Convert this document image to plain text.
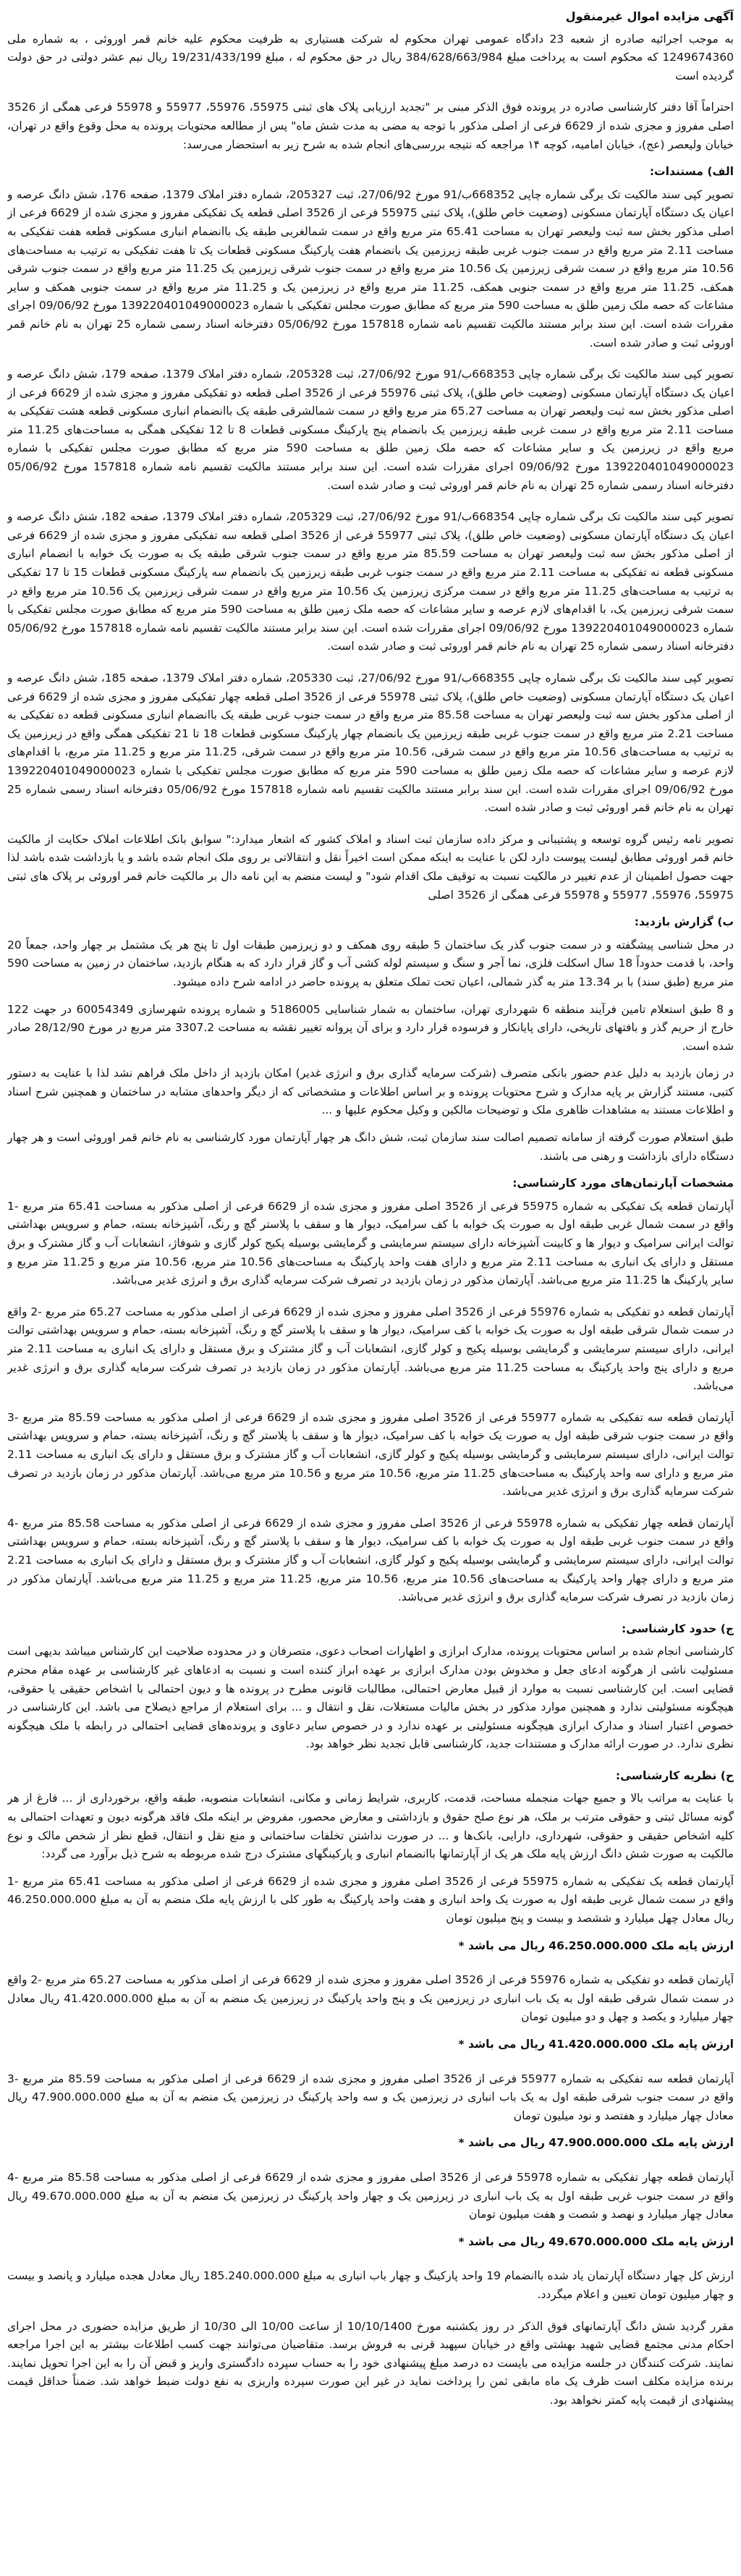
آگهی مزایده اموال غیرمنقول

به موجب اجرائیه صادره از شعبه 23 دادگاه عمومی تهران محکوم له شرکت هستیاری به ظرفیت محکوم علیه خانم قمر اوروئی ، به شماره ملی 1249674360 که محکوم است به پرداخت مبلغ 384/628/663/984 ریال در حق محکوم له ، مبلغ 19/231/433/199 ریال نیم عشر دولتی در حق دولت گردیده است

احتراماً آقا دفتر کارشناسی صادره در پرونده فوق الذکر مبنی بر "تجدید ارزیابی پلاک های ثبتی 55975، 55976، 55977 و 55978 فرعی همگی از 3526 اصلی مفروز و مجزی شده از 6629 فرعی از اصلی مذکور با توجه به مضی به مدت شش ماه" پس از مطالعه محتویات پرونده به محل وقوع واقع در تهران، خیابان ولیعصر (عج)، خیابان امامیه، کوچه ۱۴ مراجعه که نتیجه بررسی‌های انجام شده به شرح زیر به استحضار می‌رسد:

الف) مستندات:

تصویر کپی سند مالکیت تک برگی شماره چاپی 668352ب/91 مورخ 27/06/92، ثبت 205327، شماره دفتر املاک 1379، صفحه 176، شش دانگ عرصه و اعیان یک دستگاه آپارتمان مسکونی (وضعیت خاص طلق)، پلاک ثبتی 55975 فرعی از 3526 اصلی قطعه یک تفکیکی مفروز و مجزی شده از 6629 فرعی از اصلی مذکور بخش سه ثبت ولیعصر تهران به مساحت 65.41 متر مربع واقع در سمت شمالغربی طبقه یک باانضمام انباری مسکونی قطعه هفت تفکیکی به مساحت 2.11 متر مربع واقع در سمت جنوب غربی طبقه زیرزمین یک بانضمام هفت پارکینگ مسکونی قطعات یک تا هفت تفکیکی به ترتیب به مساحت‌های 10.56 متر مربع واقع در سمت شرقی زیرزمین یک 10.56 متر مربع واقع در سمت جنوب شرقی زیرزمین یک 11.25 متر مربع واقع در سمت جنوب شرقی همکف، 11.25 متر مربع واقع در سمت جنوبی همکف، 11.25 متر مربع واقع در زیرزمین یک و 11.25 متر مربع واقع در سمت جنوبی همکف و سایر مشاعات که حصه ملک زمین طلق به مساحت 590 متر مربع که مطابق صورت مجلس تفکیکی با شماره 139220401049000023 مورخ 09/06/92 اجرای مقررات شده است. این سند برابر مستند مالکیت تقسیم نامه شماره 157818 مورخ 05/06/92 دفترخانه اسناد رسمی شماره 25 تهران به نام خانم قمر اوروئی ثبت و صادر شده است.

تصویر کپی سند مالکیت تک برگی شماره چاپی 668353ب/91 مورخ 27/06/92، ثبت 205328، شماره دفتر املاک 1379، صفحه 179، شش دانگ عرصه و اعیان یک دستگاه آپارتمان مسکونی (وضعیت خاص طلق)، پلاک ثبتی 55976 فرعی از 3526 اصلی قطعه دو تفکیکی مفروز و مجزی شده از 6629 فرعی از اصلی مذکور بخش سه ثبت ولیعصر تهران به مساحت 65.27 متر مربع واقع در سمت شمالشرقی طبقه یک باانضمام انباری مسکونی قطعه هشت تفکیکی به مساحت 2.11 متر مربع واقع در سمت غربی طبقه زیرزمین یک بانضمام پنج پارکینگ مسکونی قطعات 8 تا 12 تفکیکی همگی به مساحت‌های 11.25 متر مربع واقع در زیرزمین یک و سایر مشاعات که حصه ملک زمین طلق به مساحت 590 متر مربع که مطابق صورت مجلس تفکیکی با شماره 139220401049000023 مورخ 09/06/92 اجرای مقررات شده است. این سند برابر مستند مالکیت تقسیم نامه شماره 157818 مورخ 05/06/92 دفترخانه اسناد رسمی شماره 25 تهران به نام خانم قمر اوروئی ثبت و صادر شده است.

تصویر کپی سند مالکیت تک برگی شماره چاپی 668354ب/91 مورخ 27/06/92، ثبت 205329، شماره دفتر املاک 1379، صفحه 182، شش دانگ عرصه و اعیان یک دستگاه آپارتمان مسکونی (وضعیت خاص طلق)، پلاک ثبتی 55977 فرعی از 3526 اصلی قطعه سه تفکیکی مفروز و مجزی شده از 6629 فرعی از اصلی مذکور بخش سه ثبت ولیعصر تهران به مساحت 85.59 متر مربع واقع در سمت جنوب شرقی طبقه یک به صورت یک خوابه با انضمام انباری مسکونی قطعه نه تفکیکی به مساحت 2.11 متر مربع واقع در سمت جنوب غربی طبقه زیرزمین یک بانضمام سه پارکینگ مسکونی قطعات 15 تا 17 تفکیکی به ترتیب به مساحت‌های 11.25 متر مربع واقع در سمت مرکزی زیرزمین یک 10.56 متر مربع واقع در سمت شرقی زیرزمین یک 10.56 متر مربع واقع در سمت شرقی زیرزمین یک، با اقدام‌های لازم عرصه و سایر مشاعات که حصه ملک زمین طلق به مساحت 590 متر مربع که مطابق صورت مجلس تفکیکی با شماره 139220401049000023 مورخ 09/06/92 اجرای مقررات شده است. این سند برابر مستند مالکیت تقسیم نامه شماره 157818 مورخ 05/06/92 دفترخانه اسناد رسمی شماره 25 تهران به نام خانم قمر اوروئی ثبت و صادر شده است.

تصویر کپی سند مالکیت تک برگی شماره چاپی 668355ب/91 مورخ 27/06/92، ثبت 205330، شماره دفتر املاک 1379، صفحه 185، شش دانگ عرصه و اعیان یک دستگاه آپارتمان مسکونی (وضعیت خاص طلق)، پلاک ثبتی 55978 فرعی از 3526 اصلی قطعه چهار تفکیکی مفروز و مجزی شده از 6629 فرعی از اصلی مذکور بخش سه ثبت ولیعصر تهران به مساحت 85.58 متر مربع واقع در سمت جنوب غربی طبقه یک باانضمام انباری مسکونی قطعه ده تفکیکی به مساحت 2.21 متر مربع واقع در سمت جنوب غربی طبقه زیرزمین یک بانضمام چهار پارکینگ مسکونی قطعات 18 تا 21 تفکیکی همگی واقع در زیرزمین یک به ترتیب به مساحت‌های 10.56 متر مربع واقع در سمت شرقی، 10.56 متر مربع واقع در سمت شرقی، 11.25 متر مربع و 11.25 متر مربع، با اقدام‌های لازم عرصه و سایر مشاعات که حصه ملک زمین طلق به مساحت 590 متر مربع که مطابق صورت مجلس تفکیکی با شماره 139220401049000023 مورخ 09/06/92 اجرای مقررات شده است. این سند برابر مستند مالکیت تقسیم نامه شماره 157818 مورخ 05/06/92 دفترخانه اسناد رسمی شماره 25 تهران به نام خانم قمر اوروئی ثبت و صادر شده است.

تصویر نامه رئیس گروه توسعه و پشتیبانی و مرکز داده سازمان ثبت اسناد و املاک کشور که اشعار میدارد:" سوابق بانک اطلاعات املاک حکایت از مالکیت خانم قمر اوروئی مطابق لیست پیوست دارد لکن با عنایت به اینکه ممکن است اخیراً نقل و انتقالاتی بر روی ملک انجام شده باشد و یا بازداشت شده باشد لذا جهت حصول اطمینان از عدم تغییر در مالکیت نسبت به توقیف ملک اقدام شود" و لیست منضم به این نامه دال بر مالکیت خانم قمر اوروئی بر پلاک های ثبتی 55975، 55976، 55977 و 55978 فرعی همگی از 3526 اصلی

ب) گزارش بازدید:

در محل شناسی پیشگفته و در سمت جنوب گذر یک ساختمان 5 طبقه روی همکف و دو زیرزمین طبقات اول تا پنج هر یک مشتمل بر چهار واحد، جمعاً 20 واحد، با قدمت حدوداً 18 سال اسکلت فلزی، نما آجر و سنگ و سیستم لوله کشی آب و گاز قرار دارد که به هنگام بازدید، ساختمان در زمین به مساحت 590 متر مربع (طبق سند) با بر 13.34 متر به گذر شمالی، اعیان تحت تملک متعلق به پرونده حاضر در ادامه شرح داده میشود.

و 8 طبق استعلام تامین فرآیند منطقه 6 شهرداری تهران، ساختمان به شمار شناسایی 5186005 و شماره پرونده شهرسازی 60054349 در جهت 122 خارج از حریم گذر و بافتهای تاریخی، دارای پایانکار و فرسوده قرار دارد و برای آن پروانه تغییر نقشه به مساحت 3307.2 متر مربع در مورخ 28/12/90 صادر شده است.

در زمان بازدید به دلیل عدم حضور بانکی متصرف (شرکت سرمایه گذاری برق و انرژی غدیر) امکان بازدید از داخل ملک فراهم نشد لذا با عنایت به دستور کتبی، مستند گزارش بر پایه مدارک و شرح محتویات پرونده و بر اساس اطلاعات و مشخصاتی که از دیگر واحدهای مشابه در ساختمان و همچنین شرح اسناد و اطلاعات مستند به مشاهدات ظاهری ملک و توضیحات مالکین و وکیل محکوم علیها و ...

طبق استعلام صورت گرفته از سامانه تصمیم اصالت سند سازمان ثبت، شش دانگ هر چهار آپارتمان مورد کارشناسی به نام خانم قمر اوروئی است و هر چهار دستگاه دارای بازداشت و رهنی می باشند.

مشخصات آپارتمان‌های مورد کارشناسی:

آپارتمان قطعه یک تفکیکی به شماره 55975 فرعی از 3526 اصلی مفروز و مجزی شده از 6629 فرعی از اصلی مذکور به مساحت 65.41 متر مربع -1 واقع در سمت شمال غربی طبقه اول به صورت یک خوابه با کف سرامیک، دیوار ها و سقف با پلاستر گچ و رنگ، آشپزخانه بسته، حمام و سرویس بهداشتی توالت ایرانی سرامیک و دیوار ها و کابینت آشپزخانه دارای سیستم سرمایشی و گرمایشی بوسیله پکیج کولر گازی و شوفاژ، انشعابات آب و گاز مشترک و برق مستقل و دارای یک انباری به مساحت 2.11 متر مربع و دارای هفت واحد پارکینگ به مساحت‌های 10.56 متر مربع، 10.56 متر مربع و 11.25 متر مربع و سایر پارکینگ ها 11.25 متر مربع می‌باشد. آپارتمان مذکور در زمان بازدید در تصرف شرکت سرمایه گذاری برق و انرژی غدیر می‌باشد.

آپارتمان قطعه دو تفکیکی به شماره 55976 فرعی از 3526 اصلی مفروز و مجزی شده از 6629 فرعی از اصلی مذکور به مساحت 65.27 متر مربع -2 واقع در سمت شمال شرقی طبقه اول به صورت یک خوابه با کف سرامیک، دیوار ها و سقف با پلاستر گچ و رنگ، آشپزخانه بسته، حمام و سرویس بهداشتی توالت ایرانی، دارای سیستم سرمایشی و گرمایشی بوسیله پکیج و کولر گازی، انشعابات آب و گاز مشترک و برق مستقل و دارای یک انباری به مساحت 2.11 متر مربع و دارای پنج واحد پارکینگ به مساحت 11.25 متر مربع می‌باشد. آپارتمان مذکور در زمان بازدید در تصرف شرکت سرمایه گذاری برق و انرژی غدیر می‌باشد.

آپارتمان قطعه سه تفکیکی به شماره 55977 فرعی از 3526 اصلی مفروز و مجزی شده از 6629 فرعی از اصلی مذکور به مساحت 85.59 متر مربع -3 واقع در سمت جنوب شرقی طبقه اول به صورت یک خوابه با کف سرامیک، دیوار ها و سقف با پلاستر گچ و رنگ، آشپزخانه بسته، حمام و سرویس بهداشتی توالت ایرانی، دارای سیستم سرمایشی و گرمایشی بوسیله پکیج و کولر گازی، انشعابات آب و گاز مشترک و برق مستقل و دارای یک انباری به مساحت 2.11 متر مربع و دارای سه واحد پارکینگ به مساحت‌های 11.25 متر مربع، 10.56 متر مربع و 10.56 متر مربع می‌باشد. آپارتمان مذکور در زمان بازدید در تصرف شرکت سرمایه گذاری برق و انرژی غدیر می‌باشد.

آپارتمان قطعه چهار تفکیکی به شماره 55978 فرعی از 3526 اصلی مفروز و مجزی شده از 6629 فرعی از اصلی مذکور به مساحت 85.58 متر مربع -4 واقع در سمت جنوب غربی طبقه اول به صورت یک خوابه با کف سرامیک، دیوار ها و سقف با پلاستر گچ و رنگ، آشپزخانه بسته، حمام و سرویس بهداشتی توالت ایرانی، دارای سیستم سرمایشی و گرمایشی بوسیله پکیج و کولر گازی، انشعابات آب و گاز مشترک و برق مستقل و دارای یک انباری به مساحت 2.21 متر مربع و دارای چهار واحد پارکینگ به مساحت‌های 10.56 متر مربع، 10.56 متر مربع، 11.25 متر مربع و 11.25 متر مربع می‌باشد. آپارتمان مذکور در زمان بازدید در تصرف شرکت سرمایه گذاری برق و انرژی غدیر می‌باشد.

ج) حدود کارشناسی:

کارشناسی انجام شده بر اساس محتویات پرونده، مدارک ابرازی و اظهارات اصحاب دعوی، متصرفان و در محدوده صلاحیت این کارشناس میباشد بدیهی است مسئولیت ناشی از هرگونه ادعای جعل و مخدوش بودن مدارک ابرازی بر عهده ابراز کننده است و نسبت به ادعاهای غیر کارشناسی بر عهده مقام محترم قضایی است. این کارشناسی نسبت به موارد از قبیل معارض احتمالی، مطالبات قانونی مطرح در پرونده ها و دیون احتمالی با اشخاص حقیقی یا حقوقی، هیچگونه مسئولیتی ندارد و همچنین موارد مذکور در بخش مالیات مستغلات، نقل و انتقال و ... برای استعلام از مراجع ذیصلاح می باشد. این کارشناسی در خصوص اعتبار اسناد و مدارک ابرازی هیچگونه مسئولیتی بر عهده ندارد و در خصوص سایر دعاوی و پرونده‌های قضایی احتمالی در رابطه با ملک هیچگونه نظری ندارد. در صورت ارائه مدارک و مستندات جدید، کارشناسی قابل تجدید نظر خواهد بود.

ح) نظریه کارشناسی:

با عنایت به مراتب بالا و جمیع جهات منجمله مساحت، قدمت، کاربری، شرایط زمانی و مکانی، انشعابات منصوبه، طبقه واقع، برخورداری از ... فارغ از هر گونه مسائل ثبتی و حقوقی مترتب بر ملک، هر نوع صلح حقوق و بازداشتی و معارض محصور، مفروض بر اینکه ملک فاقد هرگونه دیون و تعهدات احتمالی به کلیه اشخاص حقیقی و حقوقی، شهرداری، دارایی، بانک‌ها و ... در صورت نداشتن تخلفات ساختمانی و منع نقل و انتقال، قطع نظر از شخص مالک و نوع مالکیت به صورت شش دانگ ارزش پایه ملک هر یک از آپارتمانها باانضمام انباری و پارکینگهای مشترک درج شده مربوطه به شرح ذیل برآورد می گردد:

آپارتمان قطعه یک تفکیکی به شماره 55975 فرعی از 3526 اصلی مفروز و مجزی شده از 6629 فرعی از اصلی مذکور به مساحت 65.41 متر مربع -1 واقع در سمت شمال غربی طبقه اول به صورت یک واحد انباری و هفت واحد پارکینگ به طور کلی با ارزش پایه ملک منضم به آن به مبلغ 46.250.000.000 ریال معادل چهل میلیارد و ششصد و بیست و پنج میلیون تومان

ارزش پایه ملک 46.250.000.000 ریال می باشد *

آپارتمان قطعه دو تفکیکی به شماره 55976 فرعی از 3526 اصلی مفروز و مجزی شده از 6629 فرعی از اصلی مذکور به مساحت 65.27 متر مربع -2 واقع در سمت شمال شرقی طبقه اول به یک باب انباری در زیرزمین یک و پنج واحد پارکینگ در زیرزمین یک منضم به آن به مبلغ 41.420.000.000 ریال معادل چهار میلیارد و یکصد و چهل و دو میلیون تومان

ارزش پایه ملک 41.420.000.000 ریال می باشد *

آپارتمان قطعه سه تفکیکی به شماره 55977 فرعی از 3526 اصلی مفروز و مجزی شده از 6629 فرعی از اصلی مذکور به مساحت 85.59 متر مربع -3 واقع در سمت جنوب شرقی طبقه اول به یک باب انباری در زیرزمین یک و سه واحد پارکینگ در زیرزمین یک منضم به آن به مبلغ 47.900.000.000 ریال معادل چهار میلیارد و هفتصد و نود میلیون تومان

ارزش پایه ملک 47.900.000.000 ریال می باشد *

آپارتمان قطعه چهار تفکیکی به شماره 55978 فرعی از 3526 اصلی مفروز و مجزی شده از 6629 فرعی از اصلی مذکور به مساحت 85.58 متر مربع -4 واقع در سمت جنوب غربی طبقه اول به یک باب انباری در زیرزمین یک و چهار واحد پارکینگ در زیرزمین یک منضم به آن به مبلغ 49.670.000.000 ریال معادل چهار میلیارد و نهصد و شصت و هفت میلیون تومان

ارزش پایه ملک 49.670.000.000 ریال می باشد *

ارزش کل چهار دستگاه آپارتمان یاد شده باانضمام 19 واحد پارکینگ و چهار باب انباری به مبلغ 185.240.000.000 ریال معادل هجده میلیارد و پانصد و بیست و چهار میلیون تومان تعیین و اعلام میگردد.

مقرر گردید شش دانگ آپارتمانهای فوق الذکر در روز یکشنبه مورخ 10/10/1400 از ساعت 10/00 الی 10/30 از طریق مزایده حضوری در محل اجرای احکام مدنی مجتمع قضایی شهید بهشتی واقع در خیابان سپهبد قرنی به فروش برسد. متقاضیان می‌توانند جهت کسب اطلاعات بیشتر به این اجرا مراجعه نمایند. شرکت کنندگان در جلسه مزایده می بایست ده درصد مبلغ پیشنهادی خود را به حساب سپرده دادگستری واریز و قبض آن را به این اجرا تحویل نمایند. برنده مزایده مکلف است ظرف یک ماه مابقی ثمن را پرداخت نماید در غیر این صورت سپرده واریزی به نفع دولت ضبط خواهد شد. ضمناً حداقل قیمت پیشنهادی از قیمت پایه کمتر نخواهد بود.
